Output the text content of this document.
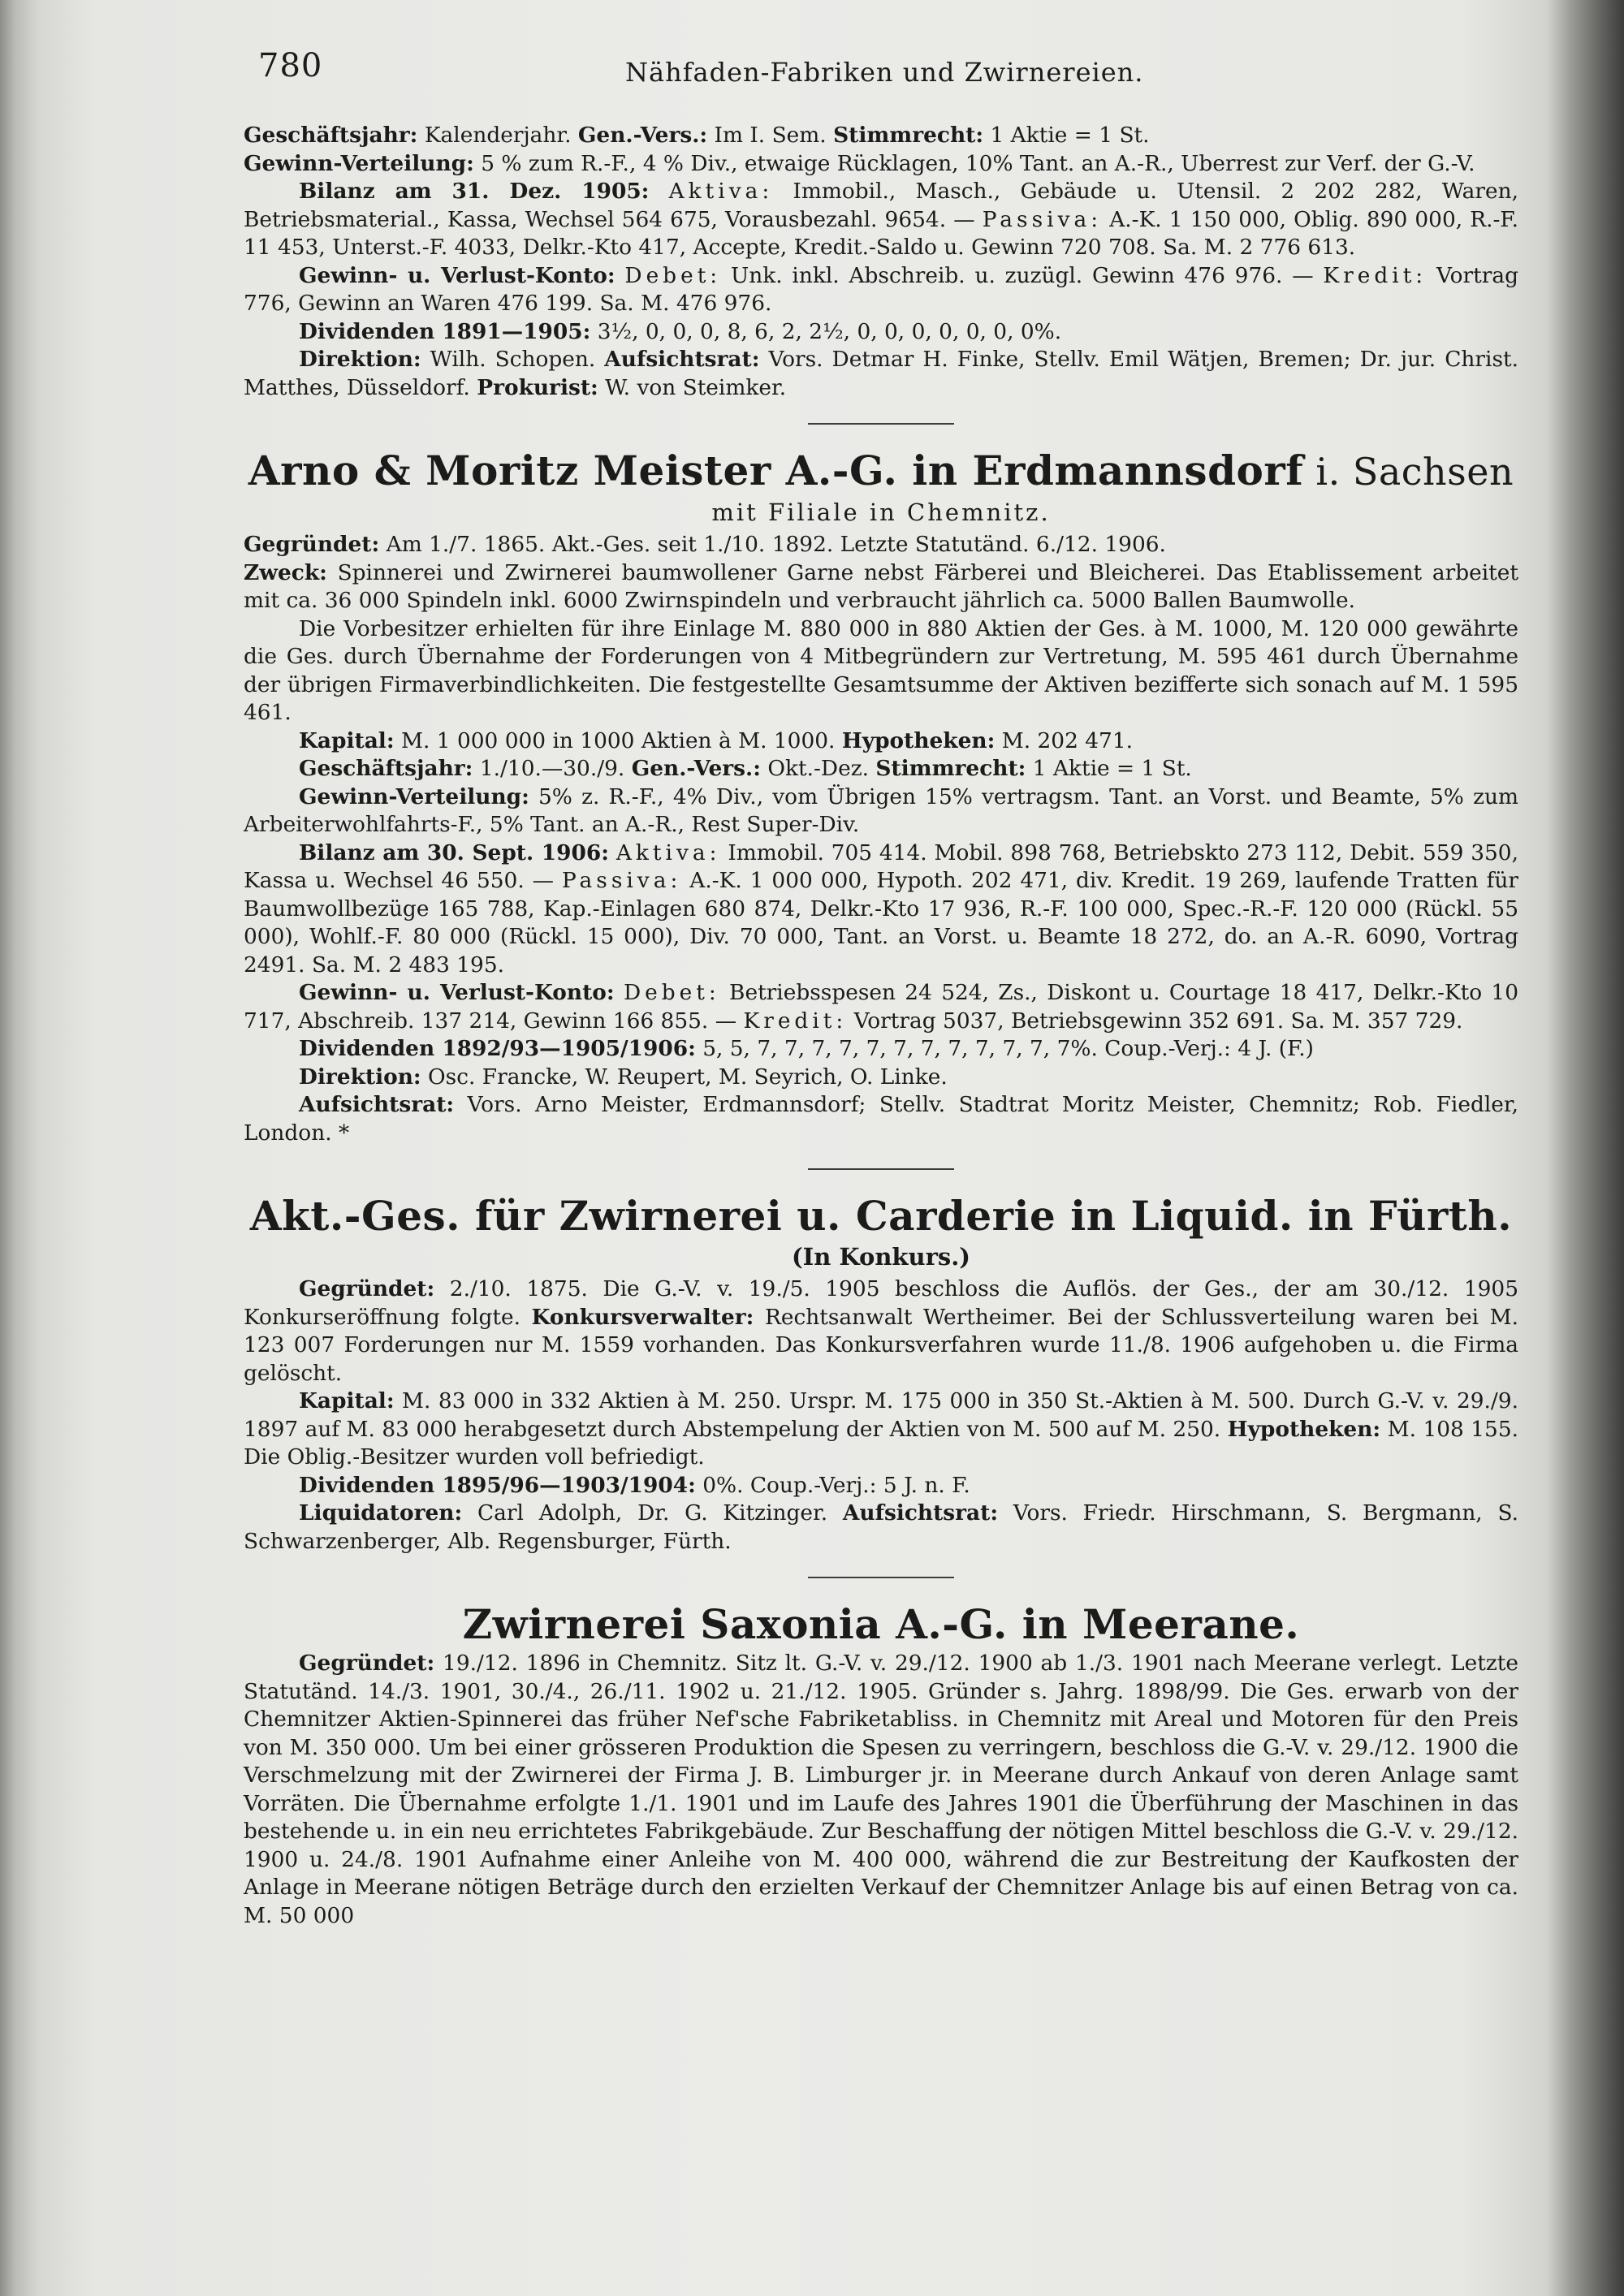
780	Nähfaden-Fabriken und Zwirnereien.

Geschäftsjahr: Kalenderjahr. Gen.-Vers.: Im I. Sem. Stimmrecht: 1 Aktie = 1 St.

Gewinn-Verteilung: 5 % zum R.-F., 4 % Div., etwaige Rücklagen, 10% Tant. an A.-R., Uberrest zur Verf. der G.-V.

Bilanz am 31. Dez. 1905: Aktiva: Immobil., Masch., Gebäude u. Utensil. 2 202 282, Waren, Betriebsmaterial., Kassa, Wechsel 564 675, Vorausbezahl. 9654. — Passiva: A.-K. 1 150 000, Oblig. 890 000, R.-F. 11 453, Unterst.-F. 4033, Delkr.-Kto 417, Accepte, Kredit.-Saldo u. Gewinn 720 708. Sa. M. 2 776 613.

Gewinn- u. Verlust-Konto: Debet: Unk. inkl. Abschreib. u. zuzügl. Gewinn 476 976. — Kredit: Vortrag 776, Gewinn an Waren 476 199. Sa. M. 476 976.

Dividenden 1891—1905: 3½, 0, 0, 0, 8, 6, 2, 2½, 0, 0, 0, 0, 0, 0, 0%.

Direktion: Wilh. Schopen. Aufsichtsrat: Vors. Detmar H. Finke, Stellv. Emil Wätjen, Bremen; Dr. jur. Christ. Matthes, Düsseldorf. Prokurist: W. von Steimker.

Arno & Moritz Meister A.-G. in Erdmannsdorf i. Sachsen
mit Filiale in Chemnitz.

Gegründet: Am 1./7. 1865. Akt.-Ges. seit 1./10. 1892. Letzte Statutänd. 6./12. 1906.

Zweck: Spinnerei und Zwirnerei baumwollener Garne nebst Färberei und Bleicherei. Das Etablissement arbeitet mit ca. 36 000 Spindeln inkl. 6000 Zwirnspindeln und verbraucht jährlich ca. 5000 Ballen Baumwolle.

Die Vorbesitzer erhielten für ihre Einlage M. 880 000 in 880 Aktien der Ges. à M. 1000, M. 120 000 gewährte die Ges. durch Übernahme der Forderungen von 4 Mitbegründern zur Vertretung, M. 595 461 durch Übernahme der übrigen Firmaverbindlichkeiten. Die festgestellte Gesamtsumme der Aktiven bezifferte sich sonach auf M. 1 595 461.

Kapital: M. 1 000 000 in 1000 Aktien à M. 1000. Hypotheken: M. 202 471.

Geschäftsjahr: 1./10.—30./9. Gen.-Vers.: Okt.-Dez. Stimmrecht: 1 Aktie = 1 St.

Gewinn-Verteilung: 5% z. R.-F., 4% Div., vom Übrigen 15% vertragsm. Tant. an Vorst. und Beamte, 5% zum Arbeiterwohlfahrts-F., 5% Tant. an A.-R., Rest Super-Div.

Bilanz am 30. Sept. 1906: Aktiva: Immobil. 705 414. Mobil. 898 768, Betriebskto 273 112, Debit. 559 350, Kassa u. Wechsel 46 550. — Passiva: A.-K. 1 000 000, Hypoth. 202 471, div. Kredit. 19 269, laufende Tratten für Baumwollbezüge 165 788, Kap.-Einlagen 680 874, Delkr.-Kto 17 936, R.-F. 100 000, Spec.-R.-F. 120 000 (Rückl. 55 000), Wohlf.-F. 80 000 (Rückl. 15 000), Div. 70 000, Tant. an Vorst. u. Beamte 18 272, do. an A.-R. 6090, Vortrag 2491. Sa. M. 2 483 195.

Gewinn- u. Verlust-Konto: Debet: Betriebsspesen 24 524, Zs., Diskont u. Courtage 18 417, Delkr.-Kto 10 717, Abschreib. 137 214, Gewinn 166 855. — Kredit: Vortrag 5037, Betriebsgewinn 352 691. Sa. M. 357 729.

Dividenden 1892/93—1905/1906: 5, 5, 7, 7, 7, 7, 7, 7, 7, 7, 7, 7, 7, 7%. Coup.-Verj.: 4 J. (F.)

Direktion: Osc. Francke, W. Reupert, M. Seyrich, O. Linke.

Aufsichtsrat: Vors. Arno Meister, Erdmannsdorf; Stellv. Stadtrat Moritz Meister, Chemnitz; Rob. Fiedler, London. *

Akt.-Ges. für Zwirnerei u. Carderie in Liquid. in Fürth.
(In Konkurs.)

Gegründet: 2./10. 1875. Die G.-V. v. 19./5. 1905 beschloss die Auflös. der Ges., der am 30./12. 1905 Konkurseröffnung folgte. Konkursverwalter: Rechtsanwalt Wertheimer. Bei der Schlussverteilung waren bei M. 123 007 Forderungen nur M. 1559 vorhanden. Das Konkursverfahren wurde 11./8. 1906 aufgehoben u. die Firma gelöscht.

Kapital: M. 83 000 in 332 Aktien à M. 250. Urspr. M. 175 000 in 350 St.-Aktien à M. 500. Durch G.-V. v. 29./9. 1897 auf M. 83 000 herabgesetzt durch Abstempelung der Aktien von M. 500 auf M. 250. Hypotheken: M. 108 155. Die Oblig.-Besitzer wurden voll befriedigt.

Dividenden 1895/96—1903/1904: 0%. Coup.-Verj.: 5 J. n. F.

Liquidatoren: Carl Adolph, Dr. G. Kitzinger. Aufsichtsrat: Vors. Friedr. Hirschmann, S. Bergmann, S. Schwarzenberger, Alb. Regensburger, Fürth.

Zwirnerei Saxonia A.-G. in Meerane.

Gegründet: 19./12. 1896 in Chemnitz. Sitz lt. G.-V. v. 29./12. 1900 ab 1./3. 1901 nach Meerane verlegt. Letzte Statutänd. 14./3. 1901, 30./4., 26./11. 1902 u. 21./12. 1905. Gründer s. Jahrg. 1898/99. Die Ges. erwarb von der Chemnitzer Aktien-Spinnerei das früher Nef'sche Fabriketabliss. in Chemnitz mit Areal und Motoren für den Preis von M. 350 000. Um bei einer grösseren Produktion die Spesen zu verringern, beschloss die G.-V. v. 29./12. 1900 die Verschmelzung mit der Zwirnerei der Firma J. B. Limburger jr. in Meerane durch Ankauf von deren Anlage samt Vorräten. Die Übernahme erfolgte 1./1. 1901 und im Laufe des Jahres 1901 die Überführung der Maschinen in das bestehende u. in ein neu errichtetes Fabrikgebäude. Zur Beschaffung der nötigen Mittel beschloss die G.-V. v. 29./12. 1900 u. 24./8. 1901 Aufnahme einer Anleihe von M. 400 000, während die zur Bestreitung der Kaufkosten der Anlage in Meerane nötigen Beträge durch den erzielten Verkauf der Chemnitzer Anlage bis auf einen Betrag von ca. M. 50 000
